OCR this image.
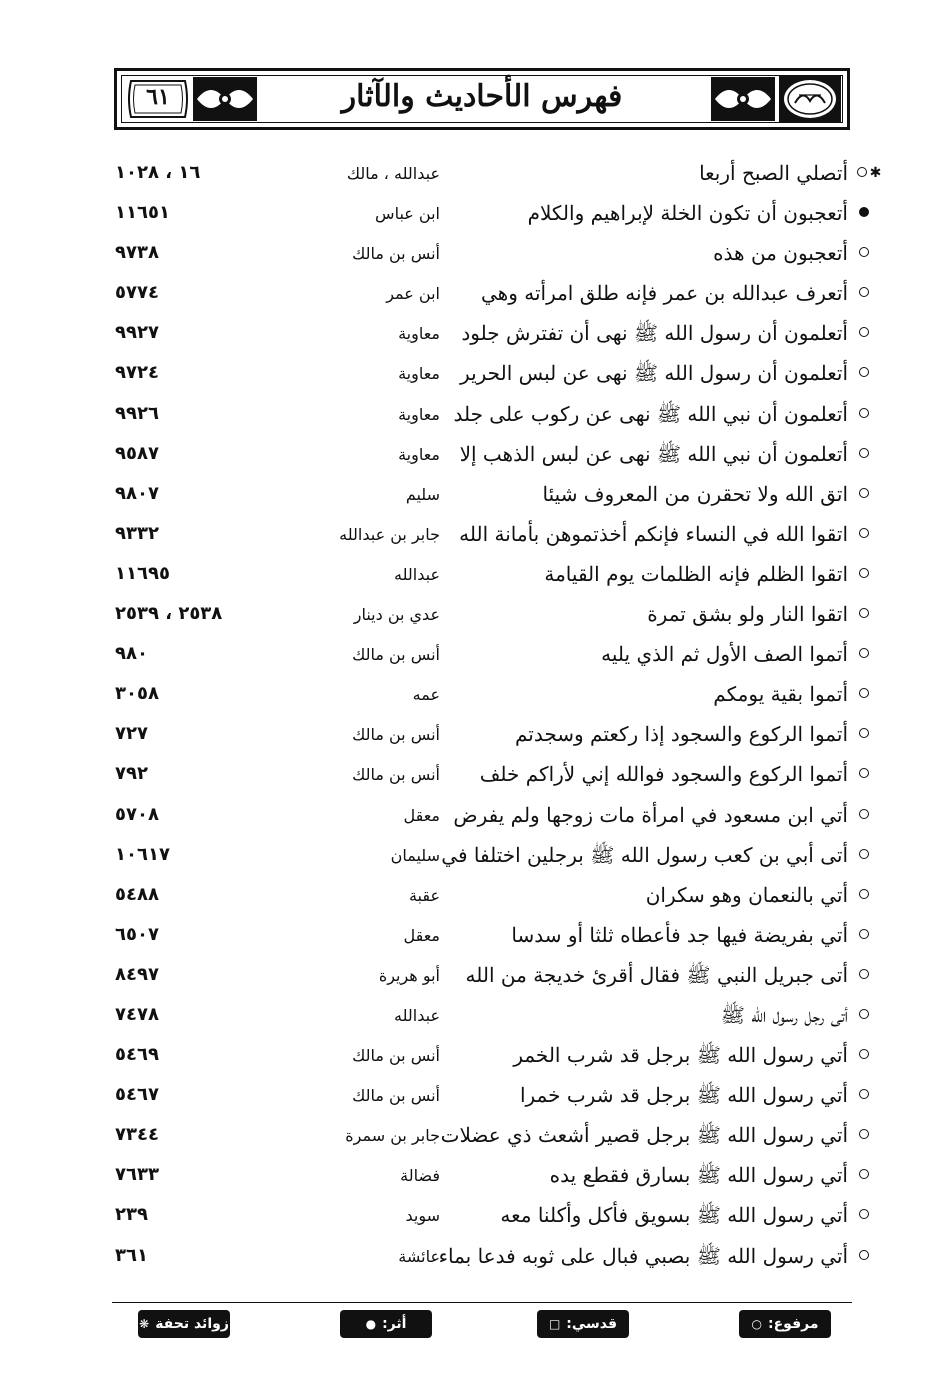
٦١	فهرس الأحاديث والآثار
✱
أتصلي الصبح أربعا
عبدالله ، مالك
١٦ ، ١٠٢٨
أتعجبون أن تكون الخلة لإبراهيم والكلام
ابن عباس
١١٦٥١
أتعجبون من هذه
أنس بن مالك
٩٧٣٨
أتعرف عبدالله بن عمر فإنه طلق امرأته وهي
ابن عمر
٥٧٧٤
أتعلمون أن رسول الله ﷺ نهى أن تفترش جلود
معاوية
٩٩٢٧
أتعلمون أن رسول الله ﷺ نهى عن لبس الحرير
معاوية
٩٧٢٤
أتعلمون أن نبي الله ﷺ نهى عن ركوب على جلد
معاوية
٩٩٢٦
أتعلمون أن نبي الله ﷺ نهى عن لبس الذهب إلا
معاوية
٩٥٨٧
اتق الله ولا تحقرن من المعروف شيئا
سليم
٩٨٠٧
اتقوا الله في النساء فإنكم أخذتموهن بأمانة الله
جابر بن عبدالله
٩٣٣٢
اتقوا الظلم فإنه الظلمات يوم القيامة
عبدالله
١١٦٩٥
اتقوا النار ولو بشق تمرة
عدي بن دينار
٢٥٣٨ ، ٢٥٣٩
أتموا الصف الأول ثم الذي يليه
أنس بن مالك
٩٨٠
أتموا بقية يومكم
عمه
٣٠٥٨
أتموا الركوع والسجود إذا ركعتم وسجدتم
أنس بن مالك
٧٢٧
أتموا الركوع والسجود فوالله إني لأراكم خلف
أنس بن مالك
٧٩٢
أتي ابن مسعود في امرأة مات زوجها ولم يفرض
معقل
٥٧٠٨
أتى أبي بن كعب رسول الله ﷺ برجلين اختلفا في
سليمان
١٠٦١٧
أتي بالنعمان وهو سكران
عقبة
٥٤٨٨
أتي بفريضة فيها جد فأعطاه ثلثا أو سدسا
معقل
٦٥٠٧
أتى جبريل النبي ﷺ فقال أقرئ خديجة من الله
أبو هريرة
٨٤٩٧
أتى رجل رسول الله ﷺ
عبدالله
٧٤٧٨
أتي رسول الله ﷺ برجل قد شرب الخمر
أنس بن مالك
٥٤٦٩
أتي رسول الله ﷺ برجل قد شرب خمرا
أنس بن مالك
٥٤٦٧
أتي رسول الله ﷺ برجل قصير أشعث ذي عضلات
جابر بن سمرة
٧٣٤٤
أتي رسول الله ﷺ بسارق فقطع يده
فضالة
٧٦٣٣
أتي رسول الله ﷺ بسويق فأكل وأكلنا معه
سويد
٢٣٩
أتي رسول الله ﷺ بصبي فبال على ثوبه فدعا بماء
عائشة
٣٦١
مرفوع:
○
قدسي:
□
أثر:
●
زوائد تحفة
❋
